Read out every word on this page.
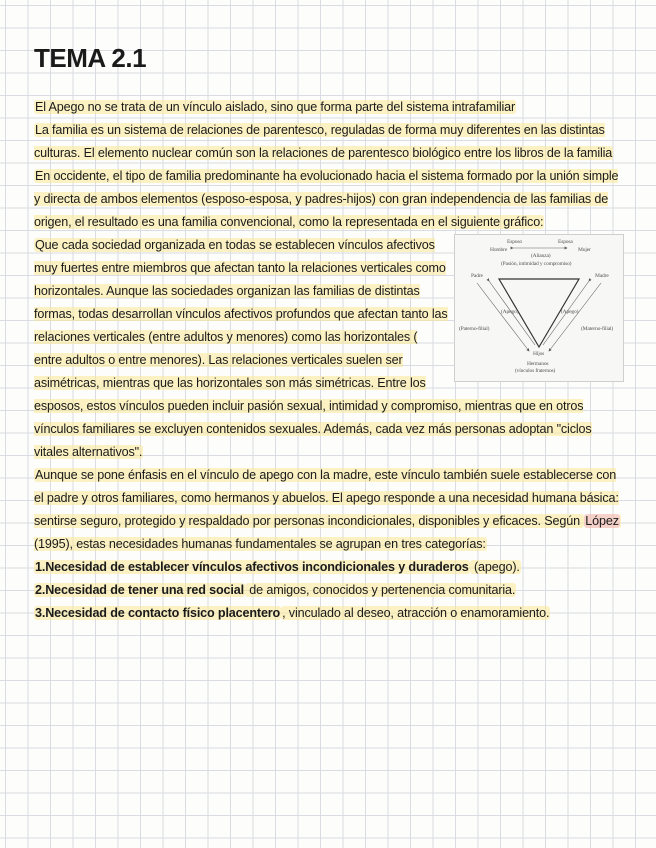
TEMA 2.1

El Apego no se trata de un vínculo aislado, sino que forma parte del sistema intrafamiliar

La familia es un sistema de relaciones de parentesco, reguladas de forma muy diferentes en las distintas culturas. El elemento nuclear común son la relaciones de parentesco biológico entre los libros de la familia

En occidente, el tipo de familia predominante ha evolucionado hacia el sistema formado por la unión simple y directa de ambos elementos (esposo-esposa, y padres-hijos) con gran independencia de las familias de origen, el resultado es una familia convencional, como la representada en el siguiente gráfico:

Esposo	Esposa
Hombre	Mujer
(Alianza)
(Pasión, intimidad y compromiso)
Padre	Madre
(Apego)	(Apego)
(Paterno-filial)	(Materno-filial)
Hijos
Hermanos
(vínculos fraternos)

Que cada sociedad organizada en todas se establecen vínculos afectivos muy fuertes entre miembros que afectan tanto la relaciones verticales como horizontales. Aunque las sociedades organizan las familias de distintas formas, todas desarrollan vínculos afectivos profundos que afectan tanto las relaciones verticales (entre adultos y menores) como las horizontales ( entre adultos o entre menores). Las relaciones verticales suelen ser asimétricas, mientras que las horizontales son más simétricas. Entre los esposos, estos vínculos pueden incluir pasión sexual, intimidad y compromiso, mientras que en otros vínculos familiares se excluyen contenidos sexuales. Además, cada vez más personas adoptan "ciclos vitales alternativos".

Aunque se pone énfasis en el vínculo de apego con la madre, este vínculo también suele establecerse con el padre y otros familiares, como hermanos y abuelos. El apego responde a una necesidad humana básica: sentirse seguro, protegido y respaldado por personas incondicionales, disponibles y eficaces. Según López (1995), estas necesidades humanas fundamentales se agrupan en tres categorías:

1.Necesidad de establecer vínculos afectivos incondicionales y duraderos (apego).

2.Necesidad de tener una red social de amigos, conocidos y pertenencia comunitaria.

3.Necesidad de contacto físico placentero , vinculado al deseo, atracción o enamoramiento.
